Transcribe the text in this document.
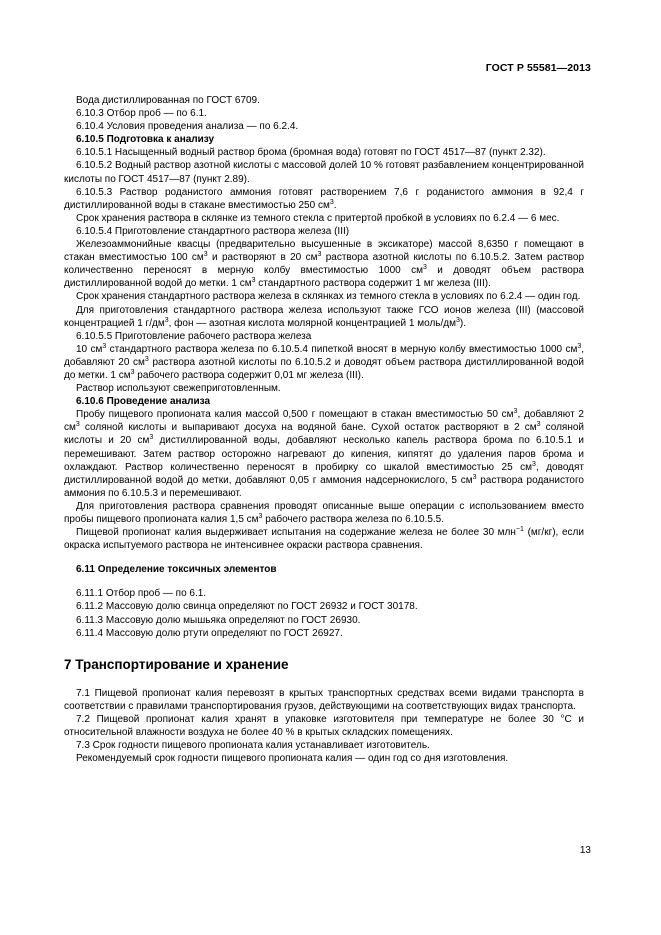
ГОСТ Р 55581—2013

Вода дистиллированная по ГОСТ 6709.

6.10.3 Отбор проб — по 6.1.

6.10.4 Условия проведения анализа — по 6.2.4.

6.10.5 Подготовка к анализу

6.10.5.1 Насыщенный водный раствор брома (бромная вода) готовят по ГОСТ 4517—87 (пункт 2.32).

6.10.5.2 Водный раствор азотной кислоты с массовой долей 10 % готовят разбавлением концентрированной кислоты по ГОСТ 4517—87 (пункт 2.89).

6.10.5.3 Раствор роданистого аммония готовят растворением 7,6 г роданистого аммония в 92,4 г дистиллированной воды в стакане вместимостью 250 $см^3$.

Срок хранения раствора в склянке из темного стекла с притертой пробкой в условиях по 6.2.4 — 6 мес.

6.10.5.4 Приготовление стандартного раствора железа (III)

Железоаммонийные квасцы (предварительно высушенные в эксикаторе) массой 8,6350 г помещают в стакан вместимостью 100 $см^3$ и растворяют в 20 $см^3$ раствора азотной кислоты по 6.10.5.2. Затем раствор количественно переносят в мерную колбу вместимостью 1000 $см^3$ и доводят объем раствора дистиллированной водой до метки. 1 $см^3$ стандартного раствора содержит 1 мг железа (III).

Срок хранения стандартного раствора железа в склянках из темного стекла в условиях по 6.2.4 — один год.

Для приготовления стандартного раствора железа используют также ГСО ионов железа (III) (массовой концентрацией 1 $г/дм^3$, фон — азотная кислота молярной концентрацией 1 моль/$дм^3$).

6.10.5.5 Приготовление рабочего раствора железа

10 $см^3$ стандартного раствора железа по 6.10.5.4 пипеткой вносят в мерную колбу вместимостью 1000 $см^3$, добавляют 20 $см^3$ раствора азотной кислоты по 6.10.5.2 и доводят объем раствора дистиллированной водой до метки. 1 $см^3$ рабочего раствора содержит 0,01 мг железа (III).

Раствор используют свежеприготовленным.

6.10.6 Проведение анализа

Пробу пищевого пропионата калия массой 0,500 г помещают в стакан вместимостью 50 $см^3$, добавляют 2 $см^3$ соляной кислоты и выпаривают досуха на водяной бане. Сухой остаток растворяют в 2 $см^3$ соляной кислоты и 20 $см^3$ дистиллированной воды, добавляют несколько капель раствора брома по 6.10.5.1 и перемешивают. Затем раствор осторожно нагревают до кипения, кипятят до удаления паров брома и охлаждают. Раствор количественно переносят в пробирку со шкалой вместимостью 25 $см^3$, доводят дистиллированной водой до метки, добавляют 0,05 г аммония надсернокислого, 5 $см^3$ раствора роданистого аммония по 6.10.5.3 и перемешивают.

Для приготовления раствора сравнения проводят описанные выше операции с использованием вместо пробы пищевого пропионата калия 1,5 $см^3$ рабочего раствора железа по 6.10.5.5.

Пищевой пропионат калия выдерживает испытания на содержание железа не более 30 млн$^{-1}$ (мг/кг), если окраска испытуемого раствора не интенсивнее окраски раствора сравнения.

6.11 Определение токсичных элементов

6.11.1 Отбор проб — по 6.1.

6.11.2 Массовую долю свинца определяют по ГОСТ 26932 и ГОСТ 30178.

6.11.3 Массовую долю мышьяка определяют по ГОСТ 26930.

6.11.4 Массовую долю ртути определяют по ГОСТ 26927.

7 Транспортирование и хранение

7.1 Пищевой пропионат калия перевозят в крытых транспортных средствах всеми видами транспорта в соответствии с правилами транспортирования грузов, действующими на соответствующих видах транспорта.

7.2 Пищевой пропионат калия хранят в упаковке изготовителя при температуре не более 30 °С и относительной влажности воздуха не более 40 % в крытых складских помещениях.

7.3 Срок годности пищевого пропионата калия устанавливает изготовитель.

Рекомендуемый срок годности пищевого пропионата калия — один год со дня изготовления.

13
